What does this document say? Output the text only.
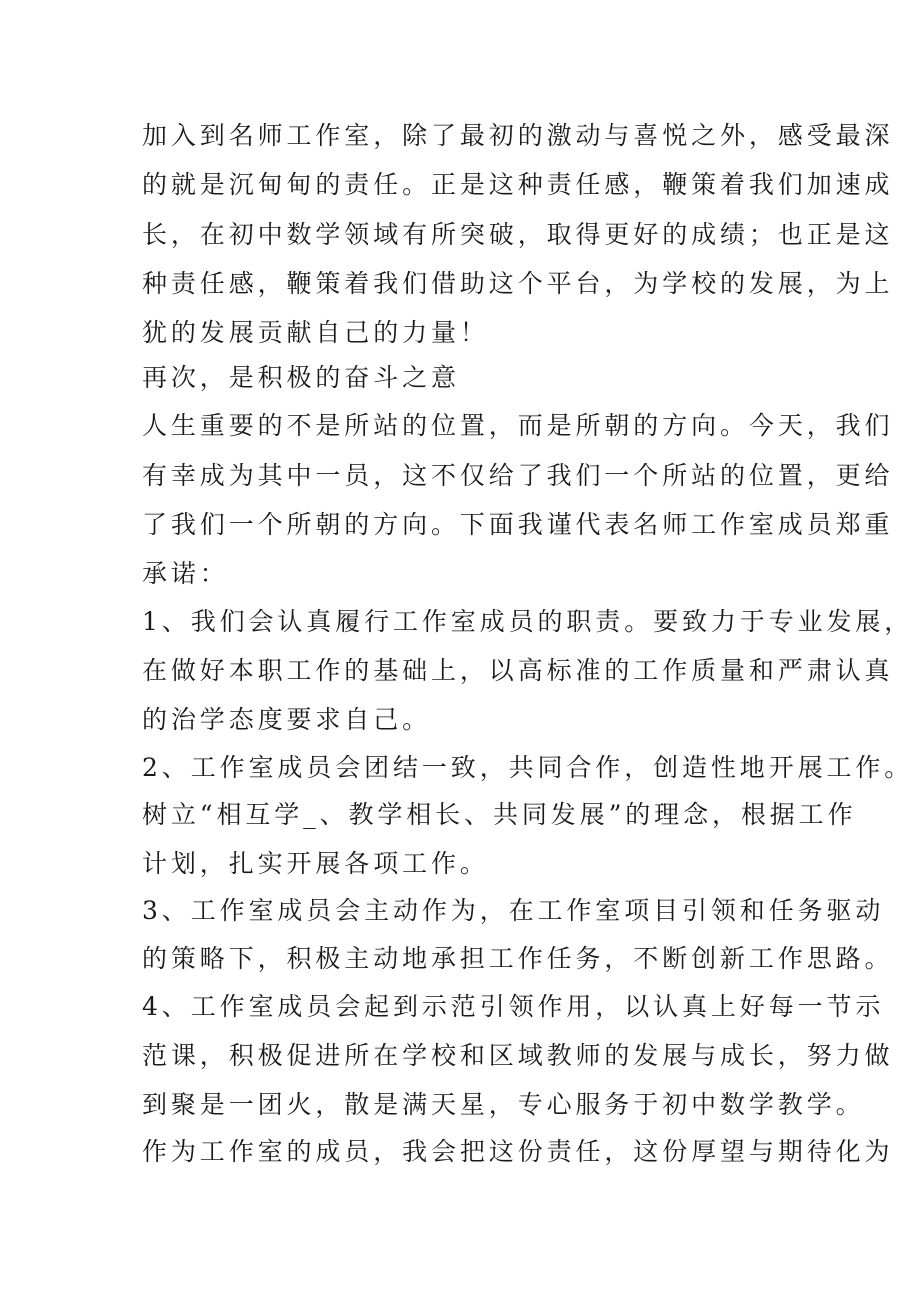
加入到名师工作室，除了最初的激动与喜悦之外，感受最深
的就是沉甸甸的责任。正是这种责任感，鞭策着我们加速成
长，在初中数学领域有所突破，取得更好的成绩；也正是这
种责任感，鞭策着我们借助这个平台，为学校的发展，为上
犹的发展贡献自己的力量！
再次，是积极的奋斗之意
人生重要的不是所站的位置，而是所朝的方向。今天，我们
有幸成为其中一员，这不仅给了我们一个所站的位置，更给
了我们一个所朝的方向。下面我谨代表名师工作室成员郑重
承诺：
1、我们会认真履行工作室成员的职责。要致力于专业发展，
在做好本职工作的基础上，以高标准的工作质量和严肃认真
的治学态度要求自己。
2、工作室成员会团结一致，共同合作，创造性地开展工作。
树立“相互学_、教学相长、共同发展”的理念，根据工作
计划，扎实开展各项工作。
3、工作室成员会主动作为，在工作室项目引领和任务驱动
的策略下，积极主动地承担工作任务，不断创新工作思路。
4、工作室成员会起到示范引领作用，以认真上好每一节示
范课，积极促进所在学校和区域教师的发展与成长，努力做
到聚是一团火，散是满天星，专心服务于初中数学教学。
作为工作室的成员，我会把这份责任，这份厚望与期待化为
